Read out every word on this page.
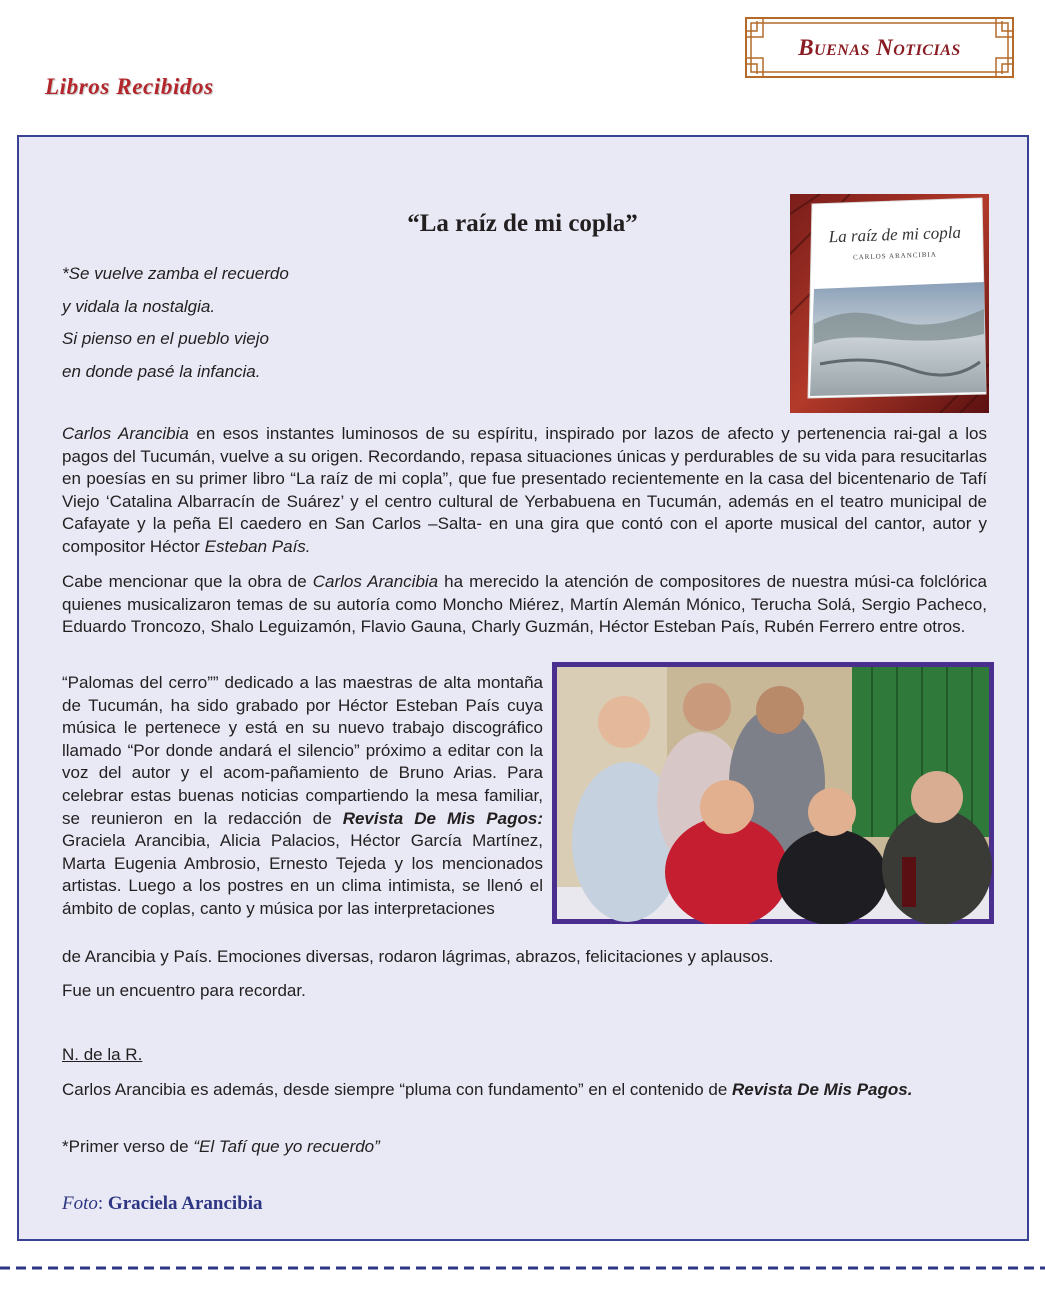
Libros Recibidos
Buenas Noticias
“La raíz de mi copla”
*Se vuelve zamba el recuerdo
y vidala la nostalgia.
Si pienso en el pueblo viejo
en donde pasé la infancia.
La raíz de mi copla
CARLOS ARANCIBIA

Carlos Arancibia en esos instantes luminosos de su espíritu, inspirado por lazos de afecto y pertenencia rai-gal a los pagos del Tucumán, vuelve a su origen. Recordando, repasa situaciones únicas y perdurables de su vida para resucitarlas en poesías en su primer libro “La raíz de mi copla”, que fue presentado recientemente en la casa del bicentenario de Tafí Viejo ‘Catalina Albarracín de Suárez’ y el centro cultural de Yerbabuena en Tucumán, además en el teatro municipal de Cafayate y la peña El caedero en San Carlos –Salta- en una gira que contó con el aporte musical del cantor, autor y compositor Héctor Esteban País.

Cabe mencionar que la obra de Carlos Arancibia ha merecido la atención de compositores de nuestra músi-ca folclórica quienes musicalizaron temas de su autoría como Moncho Miérez, Martín Alemán Mónico, Terucha Solá, Sergio Pacheco, Eduardo Troncozo, Shalo Leguizamón, Flavio Gauna, Charly Guzmán, Héctor Esteban País, Rubén Ferrero entre otros.

“Palomas del cerro”” dedicado a las maestras de alta montaña de Tucumán, ha sido grabado por Héctor Esteban País cuya música le pertenece y está en su nuevo trabajo discográfico llamado “Por donde andará el silencio” próximo a editar con la voz del autor y el acom-pañamiento de Bruno Arias. Para celebrar estas buenas noticias compartiendo la mesa familiar, se reunieron en la redacción de Revista De Mis Pagos: Graciela Arancibia, Alicia Palacios, Héctor García Martínez, Marta Eugenia Ambrosio, Ernesto Tejeda y los mencionados artistas. Luego a los postres en un clima intimista, se llenó el ámbito de coplas, canto y música por las interpretaciones

de Arancibia y País. Emociones diversas, rodaron lágrimas, abrazos, felicitaciones y aplausos.

Fue un encuentro para recordar.

N. de la R.
Carlos Arancibia es además, desde siempre “pluma con fundamento” en el contenido de Revista De Mis Pagos.
*Primer verso de “El Tafí que yo recuerdo”
Foto: Graciela Arancibia
